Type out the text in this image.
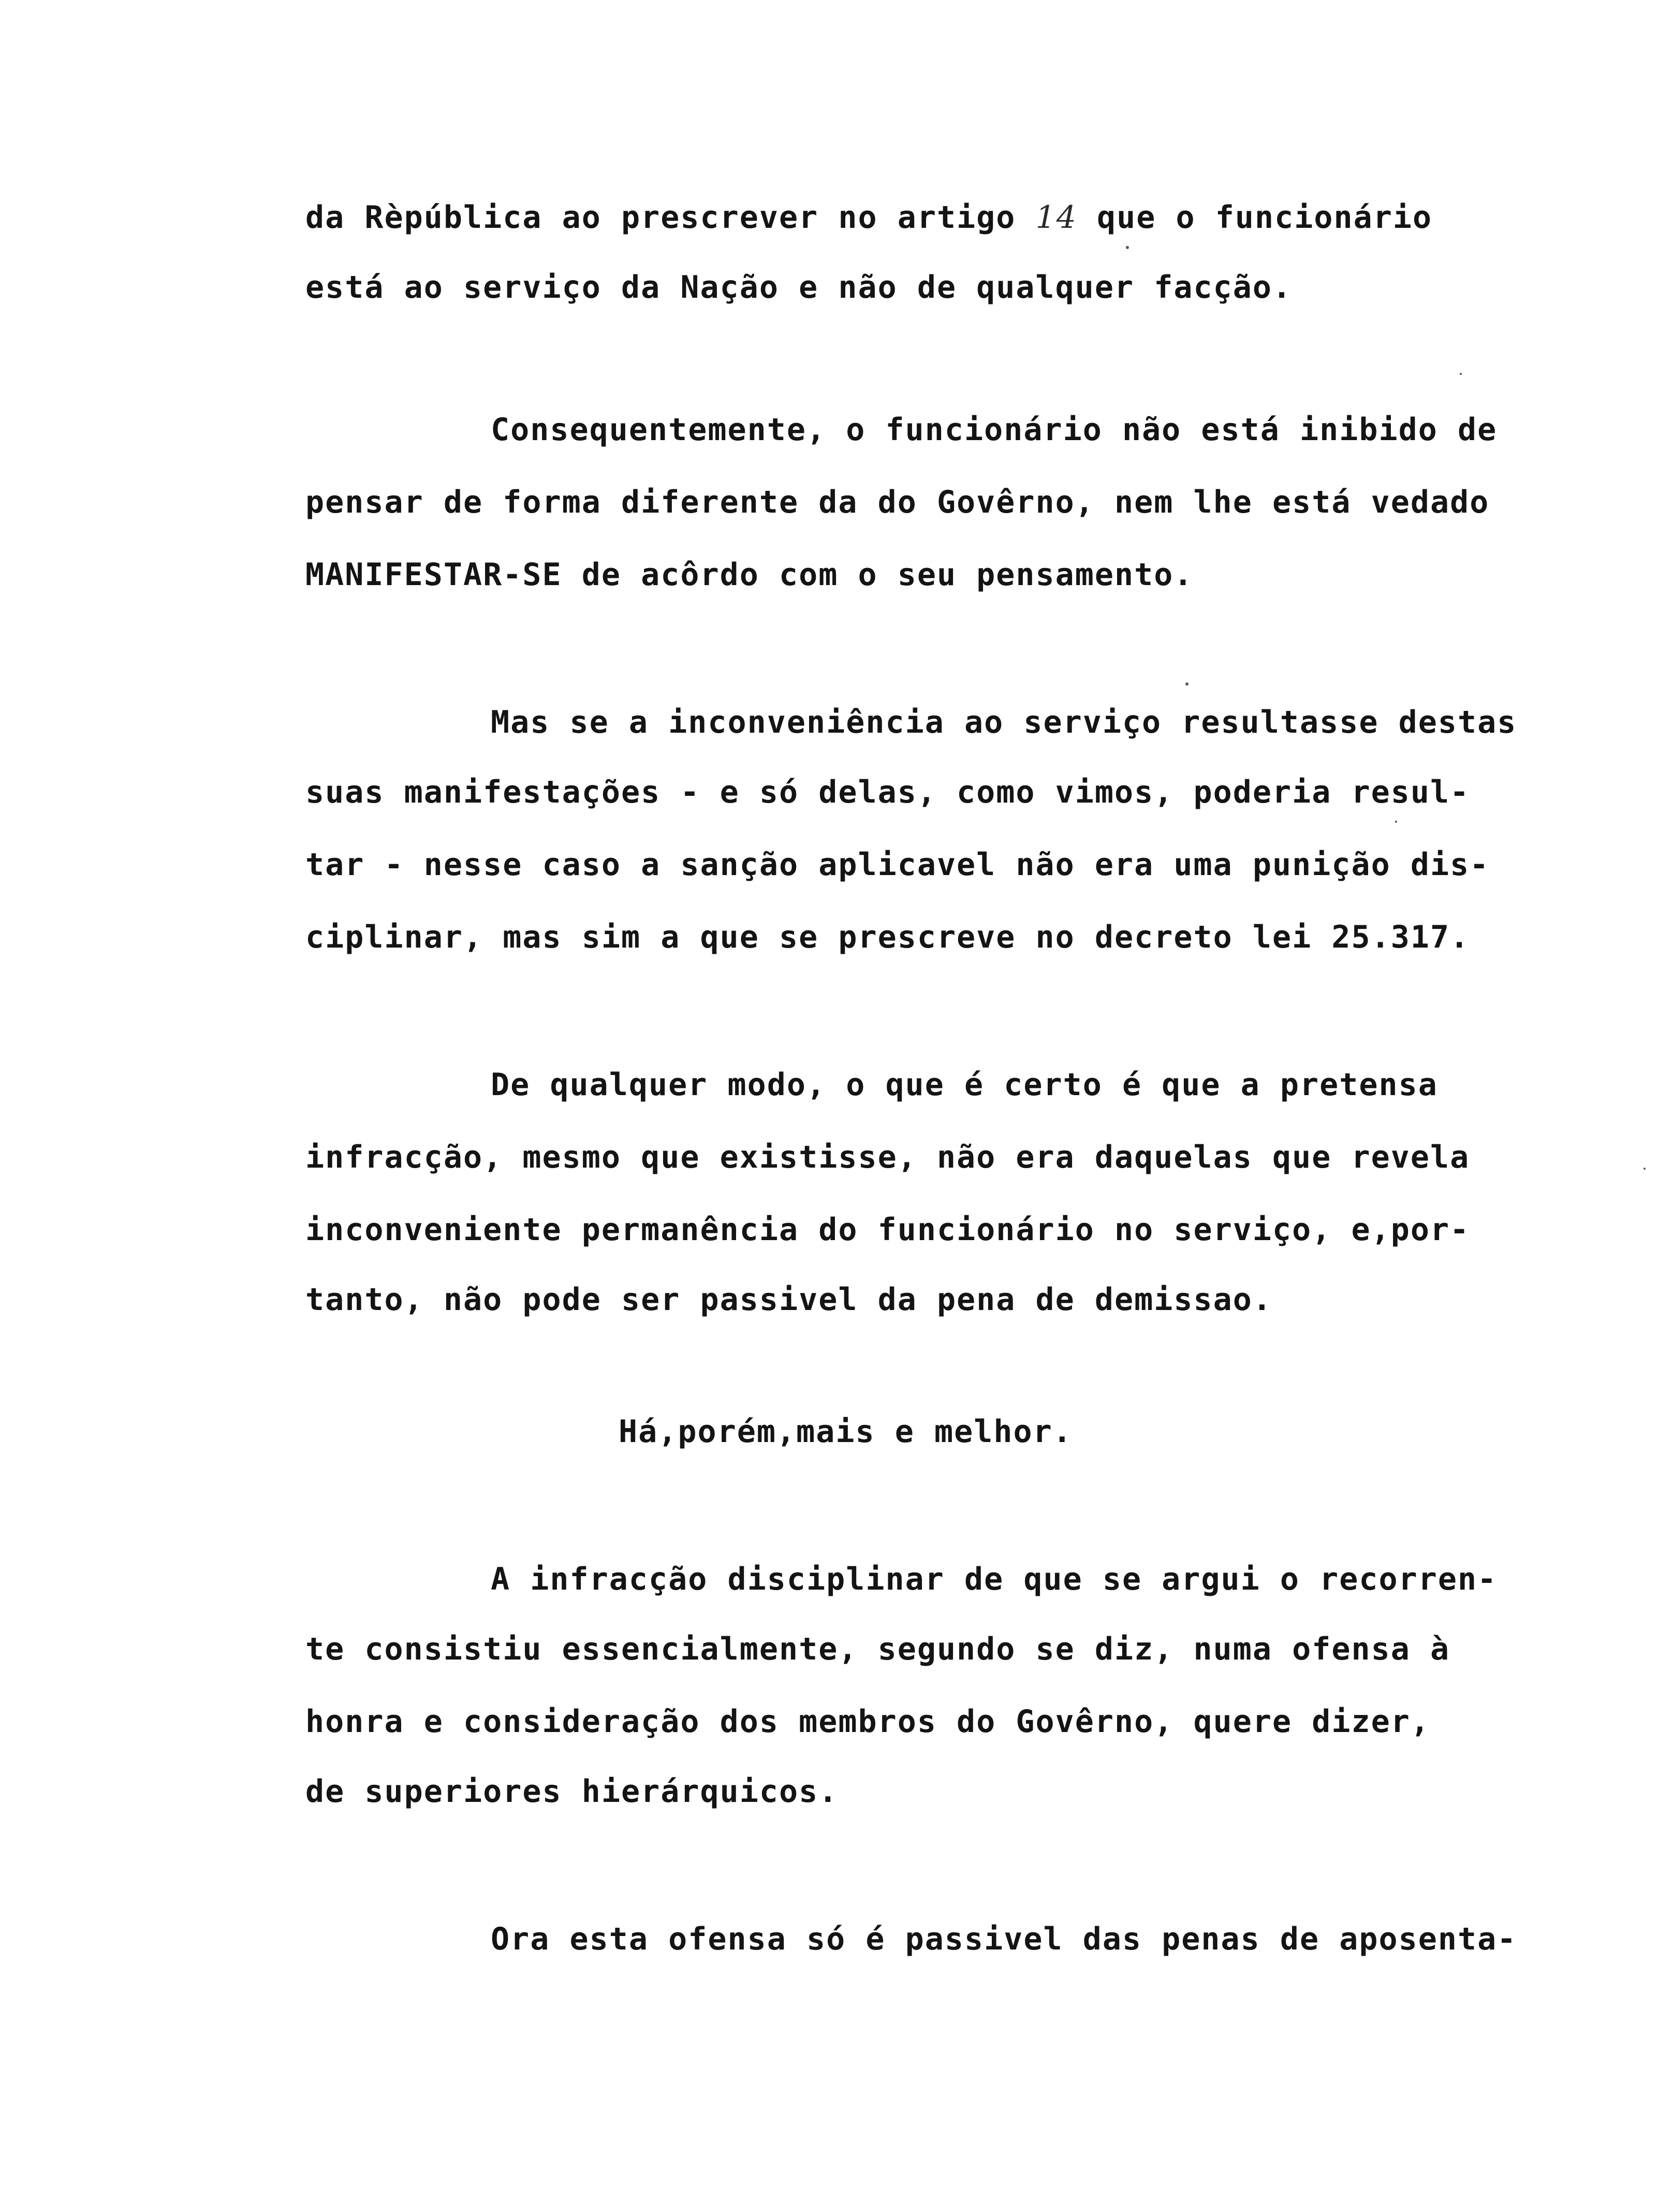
da Rèpública ao prescrever no artigo 14 que o funcionário
está ao serviço da Nação e não de qualquer facção.
Consequentemente, o funcionário não está inibido de
pensar de forma diferente da do Govêrno, nem lhe está vedado
MANIFESTAR-SE de acôrdo com o seu pensamento.
Mas se a inconveniência ao serviço resultasse destas
suas manifestações - e só delas, como vimos, poderia resul-
tar - nesse caso a sanção aplicavel não era uma punição dis-
ciplinar, mas sim a que se prescreve no decreto lei 25.317.
De qualquer modo, o que é certo é que a pretensa
infracção, mesmo que existisse, não era daquelas que revela
inconveniente permanência do funcionário no serviço, e,por-
tanto, não pode ser passivel da pena de demissao.
Há,porém,mais e melhor.
A infracção disciplinar de que se argui o recorren-
te consistiu essencialmente, segundo se diz, numa ofensa à
honra e consideração dos membros do Govêrno, quere dizer,
de superiores hierárquicos.
Ora esta ofensa só é passivel das penas de aposenta-
